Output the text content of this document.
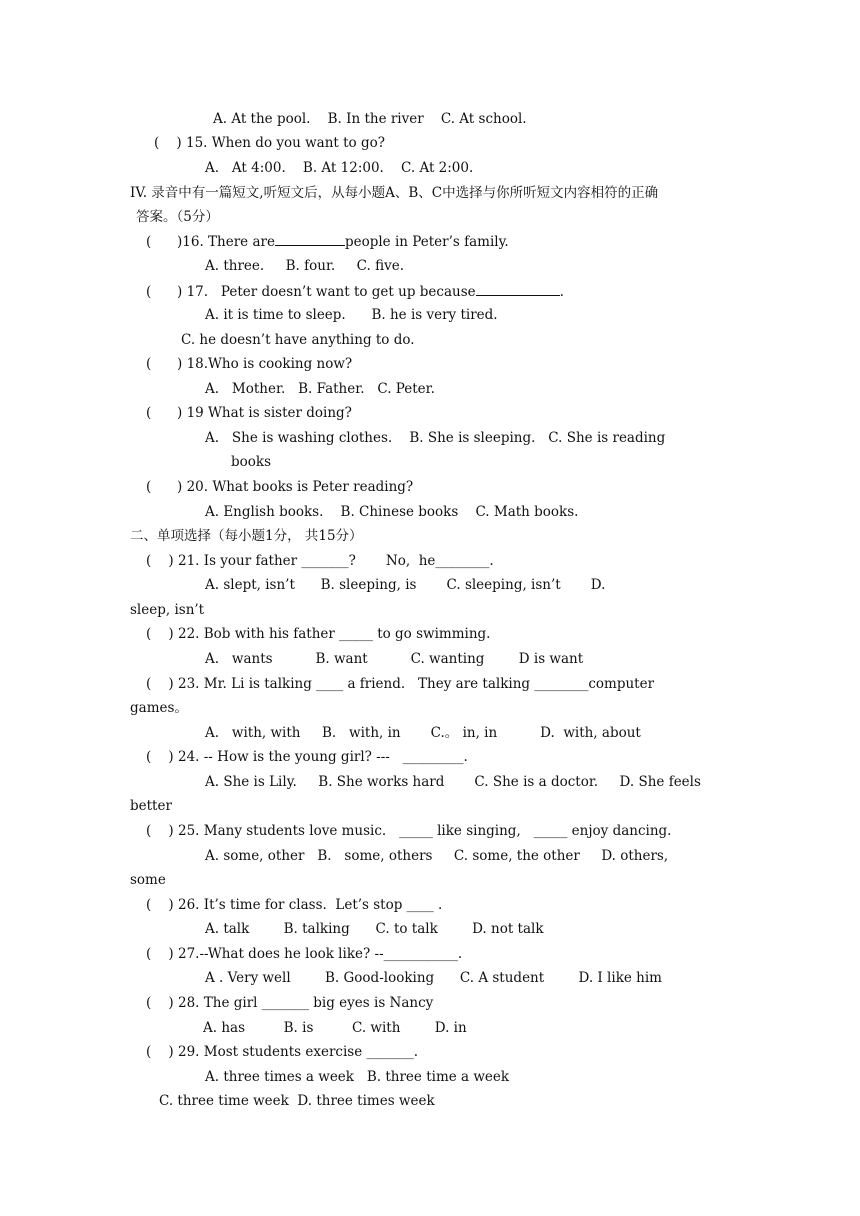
A. At the pool.    B. In the river    C. At school.
(    ) 15. When do you want to go?
A.   At 4:00.    B. At 12:00.    C. At 2:00.
IV. 录音中有一篇短文,听短文后，从每小题A、B、C中选择与你所听短文内容相符的正确
答案。（5分）
(      )16. There are	people in Peter’s family.
A. three.     B. four.     C. five.
(      ) 17.   Peter doesn’t want to get up because	.
A. it is time to sleep.      B. he is very tired.
C. he doesn’t have anything to do.
(      ) 18.Who is cooking now?
A.   Mother.   B. Father.   C. Peter.
(      ) 19 What is sister doing?
A.   She is washing clothes.    B. She is sleeping.   C. She is reading
books
(      ) 20. What books is Peter reading?
A. English books.    B. Chinese books    C. Math books.
二、单项选择（每小题1分， 共15分）
(    ) 21. Is your father _______?       No,  he________.
A. slept, isn’t      B. sleeping, is       C. sleeping, isn’t       D.
sleep, isn’t
(    ) 22. Bob with his father _____ to go swimming.
A.   wants          B. want          C. wanting        D is want
(    ) 23. Mr. Li is talking ____ a friend.   They are talking ________computer
games。
A.   with, with     B.   with, in       C.。 in, in          D.  with, about
(    ) 24. -- How is the young girl? ---   _________.
A. She is Lily.     B. She works hard       C. She is a doctor.     D. She feels
better
(    ) 25. Many students love music.   _____ like singing,   _____ enjoy dancing.
A. some, other   B.   some, others     C. some, the other     D. others,
some
(    ) 26. It’s time for class.  Let’s stop ____ .
A. talk        B. talking      C. to talk        D. not talk
(    ) 27.--What does he look like? --___________.
A . Very well        B. Good-looking      C. A student        D. I like him
(    ) 28. The girl _______ big eyes is Nancy
A. has         B. is         C. with        D. in
(    ) 29. Most students exercise _______.
A. three times a week   B. three time a week
C. three time week  D. three times week
